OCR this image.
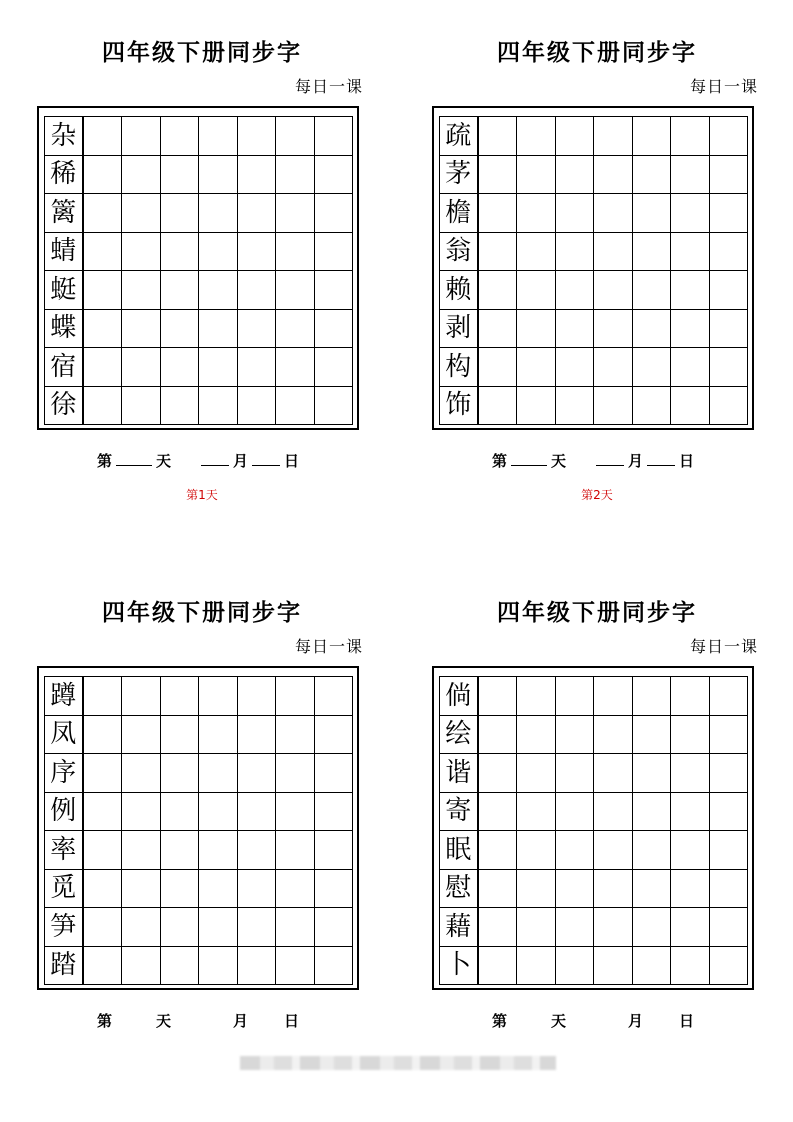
四年级下册同步字
每日一课
杂
稀
篱
蜻
蜓
蝶
宿
徐
第	天	月 日
第1天
四年级下册同步字
每日一课
疏
茅
檐
翁
赖
剥
构
饰
第	天	月 日
第2天
四年级下册同步字
每日一课
蹲
凤
序
例
率
觅
笋
踏
第	天	月 日
四年级下册同步字
每日一课
倘
绘
谐
寄
眠
慰
藉
卜
第	天	月 日
